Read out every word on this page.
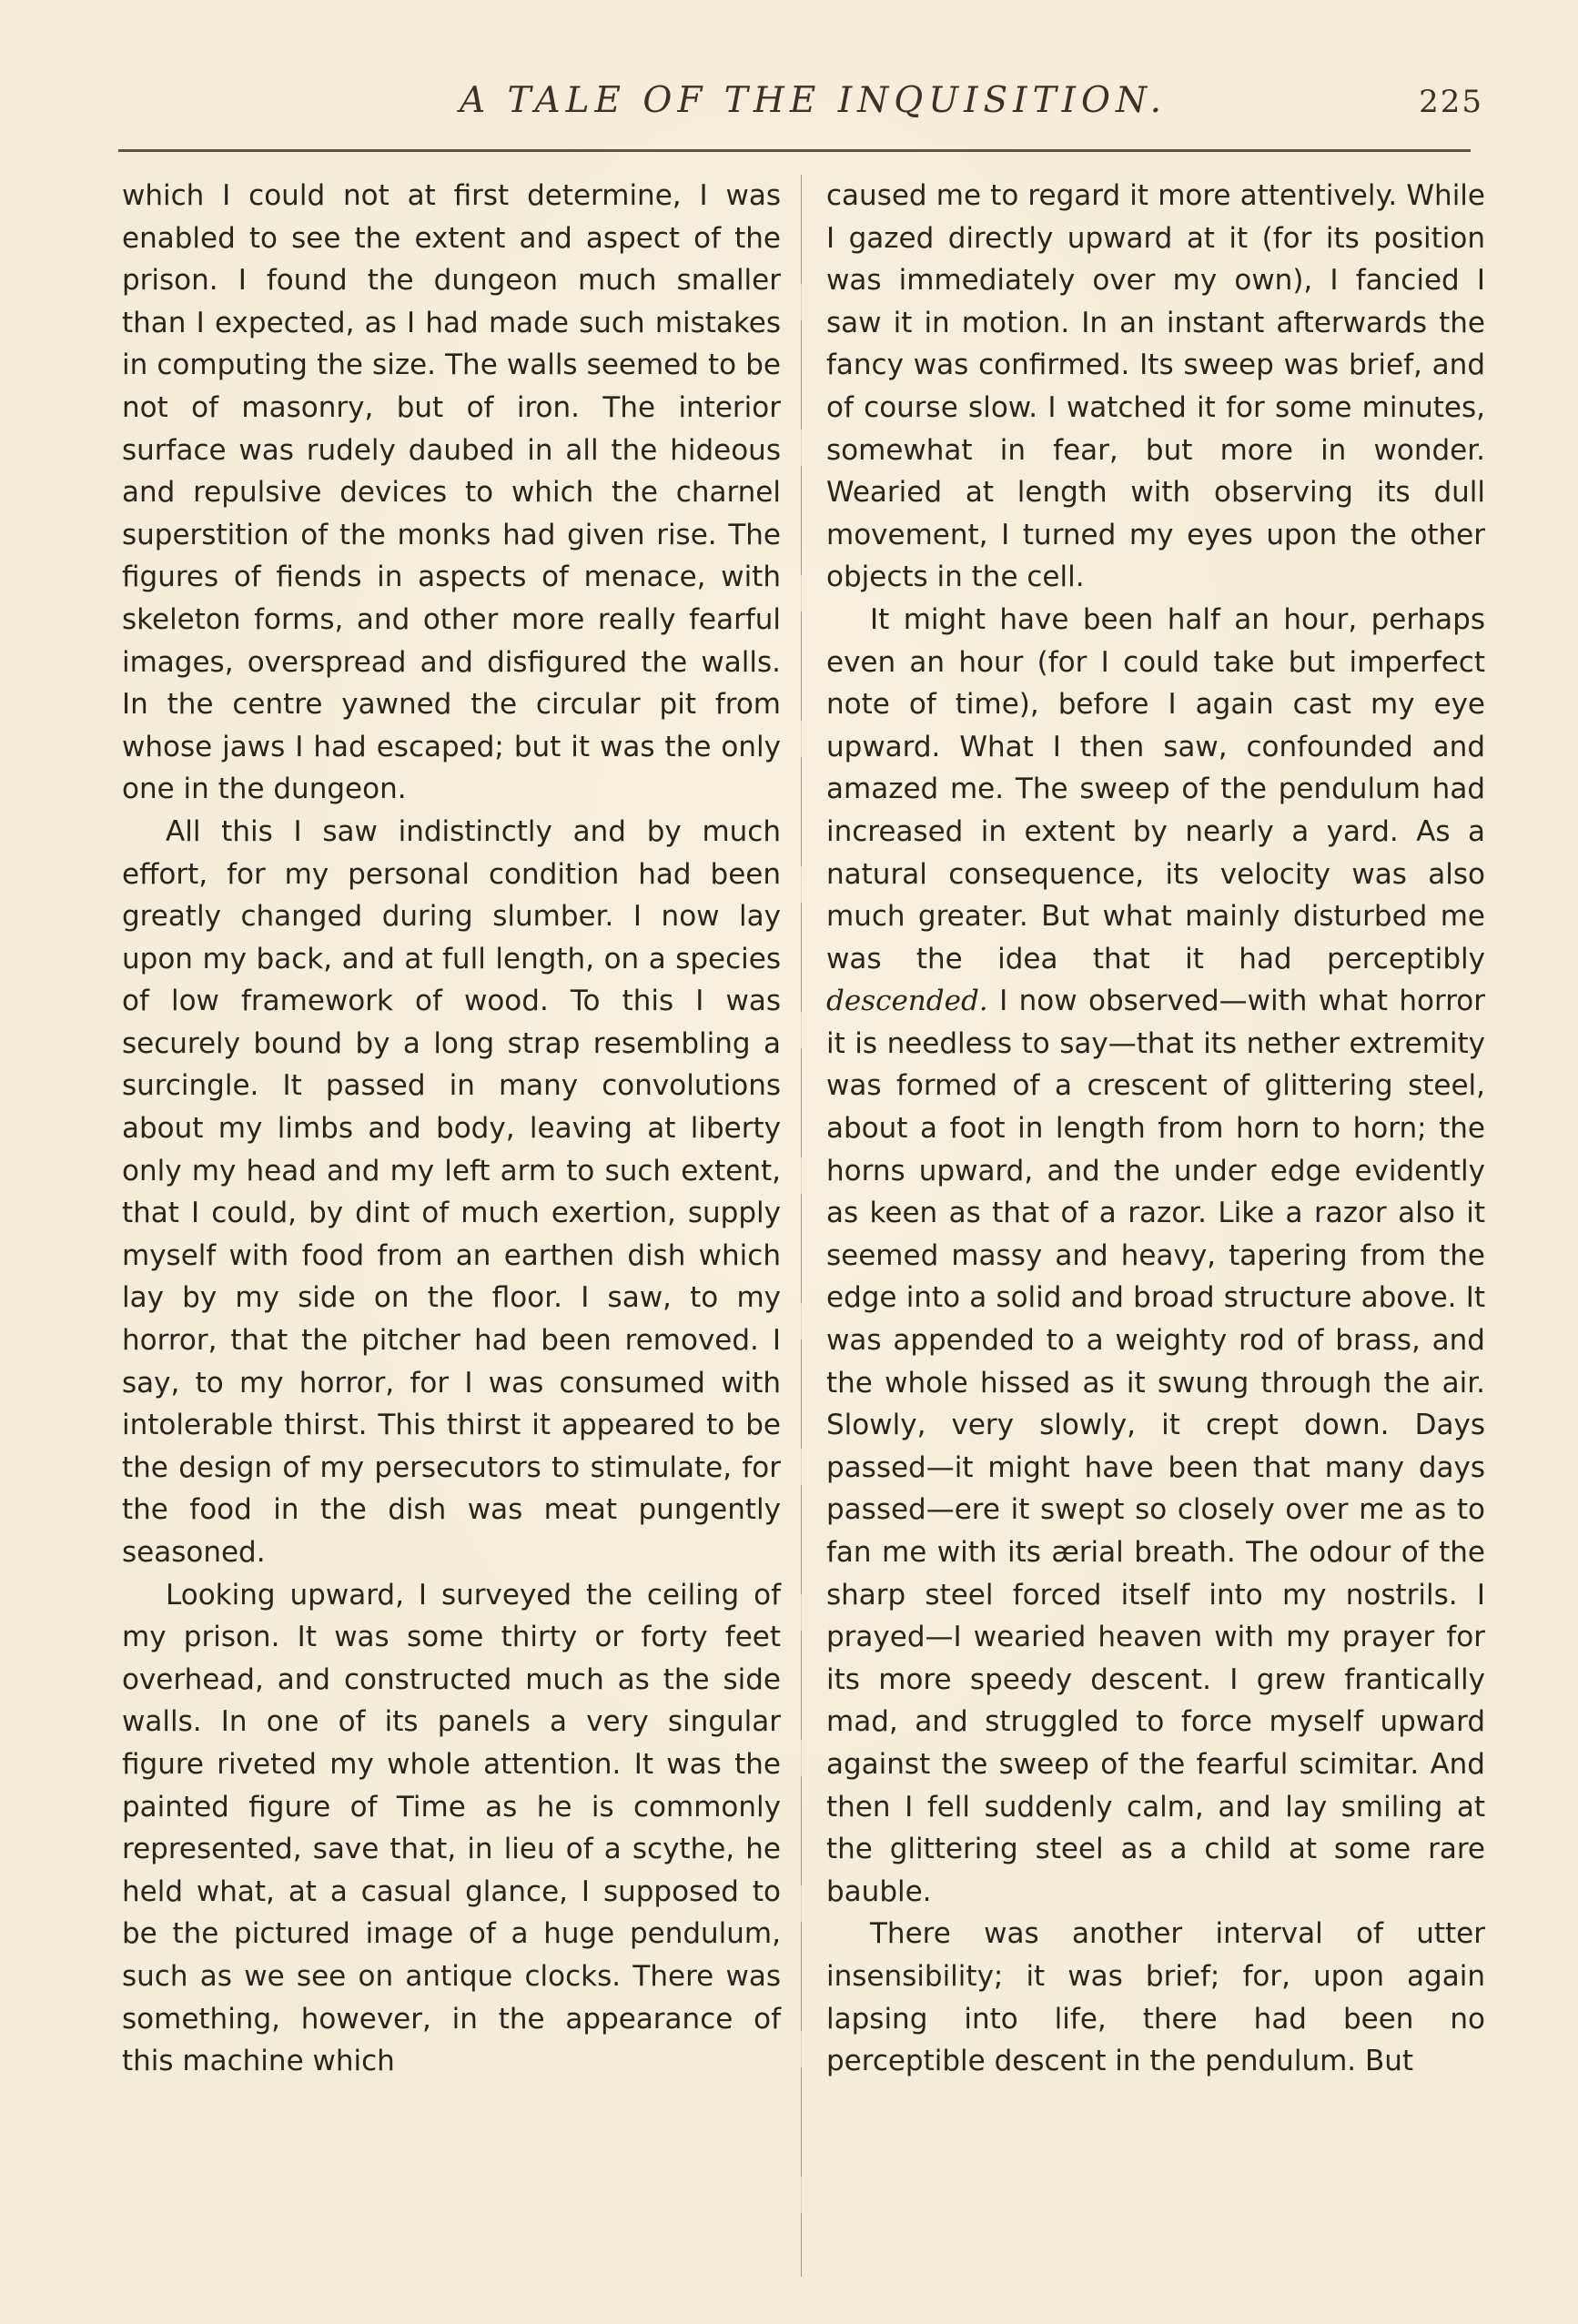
A TALE OF THE INQUISITION.	225

which I could not at first determine, I was enabled to see the extent and aspect of the prison. I found the dungeon much smaller than I expected, as I had made such mistakes in computing the size. The walls seemed to be not of masonry, but of iron. The interior surface was rudely daubed in all the hideous and repulsive devices to which the charnel superstition of the monks had given rise. The figures of fiends in aspects of menace, with skeleton forms, and other more really fearful images, overspread and disfigured the walls. In the centre yawned the circular pit from whose jaws I had escaped; but it was the only one in the dungeon.

All this I saw indistinctly and by much effort, for my personal condition had been greatly changed during slumber. I now lay upon my back, and at full length, on a species of low framework of wood. To this I was securely bound by a long strap resembling a surcingle. It passed in many convolutions about my limbs and body, leaving at liberty only my head and my left arm to such extent, that I could, by dint of much exertion, supply myself with food from an earthen dish which lay by my side on the floor. I saw, to my horror, that the pitcher had been removed. I say, to my horror, for I was consumed with intolerable thirst. This thirst it appeared to be the design of my persecutors to stimulate, for the food in the dish was meat pungently seasoned.

Looking upward, I surveyed the ceiling of my prison. It was some thirty or forty feet overhead, and constructed much as the side walls. In one of its panels a very singular figure riveted my whole attention. It was the painted figure of Time as he is commonly represented, save that, in lieu of a scythe, he held what, at a casual glance, I supposed to be the pictured image of a huge pendulum, such as we see on antique clocks. There was something, however, in the appearance of this machine which

caused me to regard it more attentively. While I gazed directly upward at it (for its position was immediately over my own), I fancied I saw it in motion. In an instant afterwards the fancy was confirmed. Its sweep was brief, and of course slow. I watched it for some minutes, somewhat in fear, but more in wonder. Wearied at length with observing its dull movement, I turned my eyes upon the other objects in the cell.

It might have been half an hour, perhaps even an hour (for I could take but imperfect note of time), before I again cast my eye upward. What I then saw, confounded and amazed me. The sweep of the pendulum had increased in extent by nearly a yard. As a natural consequence, its velocity was also much greater. But what mainly disturbed me was the idea that it had perceptibly descended. I now observed—with what horror it is needless to say—that its nether extremity was formed of a crescent of glittering steel, about a foot in length from horn to horn; the horns upward, and the under edge evidently as keen as that of a razor. Like a razor also it seemed massy and heavy, tapering from the edge into a solid and broad structure above. It was appended to a weighty rod of brass, and the whole hissed as it swung through the air. Slowly, very slowly, it crept down. Days passed—it might have been that many days passed—ere it swept so closely over me as to fan me with its ærial breath. The odour of the sharp steel forced itself into my nostrils. I prayed—I wearied heaven with my prayer for its more speedy descent. I grew frantically mad, and struggled to force myself upward against the sweep of the fearful scimitar. And then I fell suddenly calm, and lay smiling at the glittering steel as a child at some rare bauble.

There was another interval of utter insensibility; it was brief; for, upon again lapsing into life, there had been no perceptible descent in the pendulum. But
